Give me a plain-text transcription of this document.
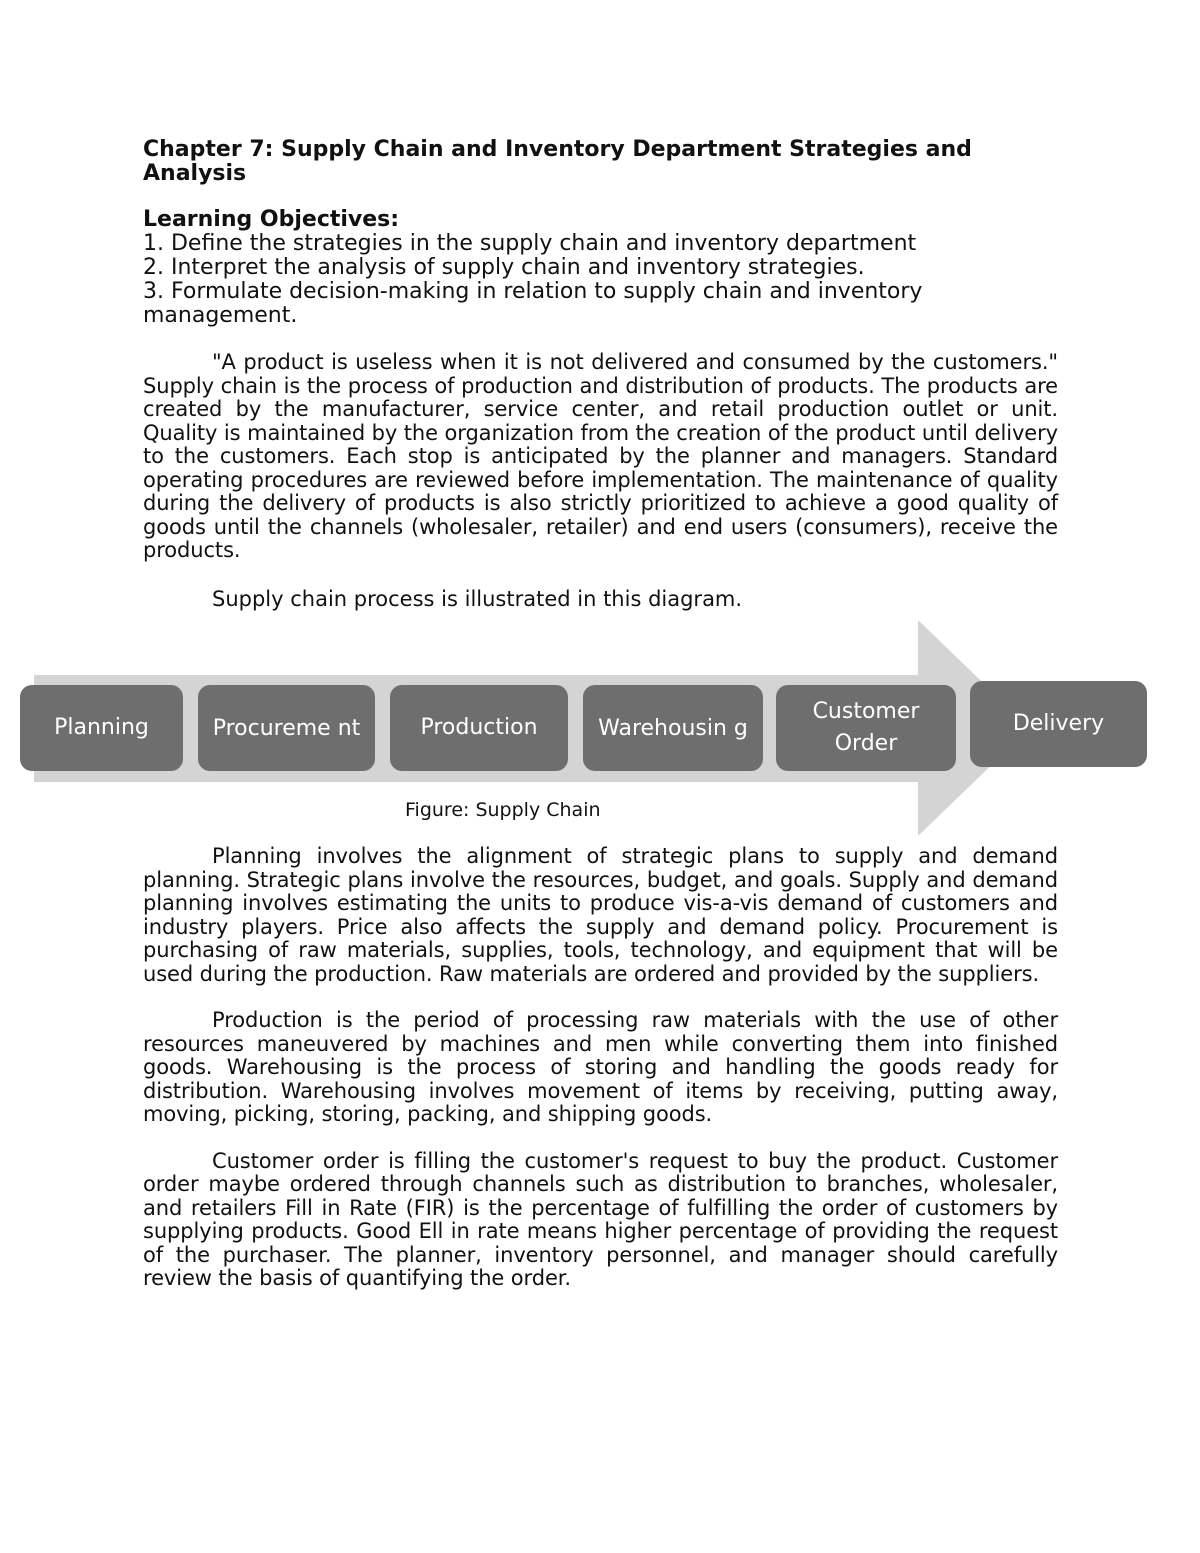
Chapter 7: Supply Chain and Inventory Department Strategies and Analysis
Learning Objectives:
1. Define the strategies in the supply chain and inventory department
2. Interpret the analysis of supply chain and inventory strategies.
3. Formulate decision-making in relation to supply chain and inventory management.

"A product is useless when it is not delivered and consumed by the customers." Supply chain is the process of production and distribution of products. The products are created by the manufacturer, service center, and retail production outlet or unit. Quality is maintained by the organization from the creation of the product until delivery to the customers. Each stop is anticipated by the planner and managers. Standard operating procedures are reviewed before implementation. The maintenance of quality during the delivery of products is also strictly prioritized to achieve a good quality of goods until the channels (wholesaler, retailer) and end users (consumers), receive the products.

Supply chain process is illustrated in this diagram.

Planning	Procureme nt	Production	Warehousin g
Customer Order
Delivery
Figure: Supply Chain

Planning involves the alignment of strategic plans to supply and demand planning. Strategic plans involve the resources, budget, and goals. Supply and demand planning involves estimating the units to produce vis-a-vis demand of customers and industry players. Price also affects the supply and demand policy. Procurement is purchasing of raw materials, supplies, tools, technology, and equipment that will be used during the production. Raw materials are ordered and provided by the suppliers.

Production is the period of processing raw materials with the use of other resources maneuvered by machines and men while converting them into finished goods. Warehousing is the process of storing and handling the goods ready for distribution. Warehousing involves movement of items by receiving, putting away, moving, picking, storing, packing, and shipping goods.

Customer order is filling the customer's request to buy the product. Customer order maybe ordered through channels such as distribution to branches, wholesaler, and retailers Fill in Rate (FIR) is the percentage of fulfilling the order of customers by supplying products. Good Ell in rate means higher percentage of providing the request of the purchaser. The planner, inventory personnel, and manager should carefully review the basis of quantifying the order.
